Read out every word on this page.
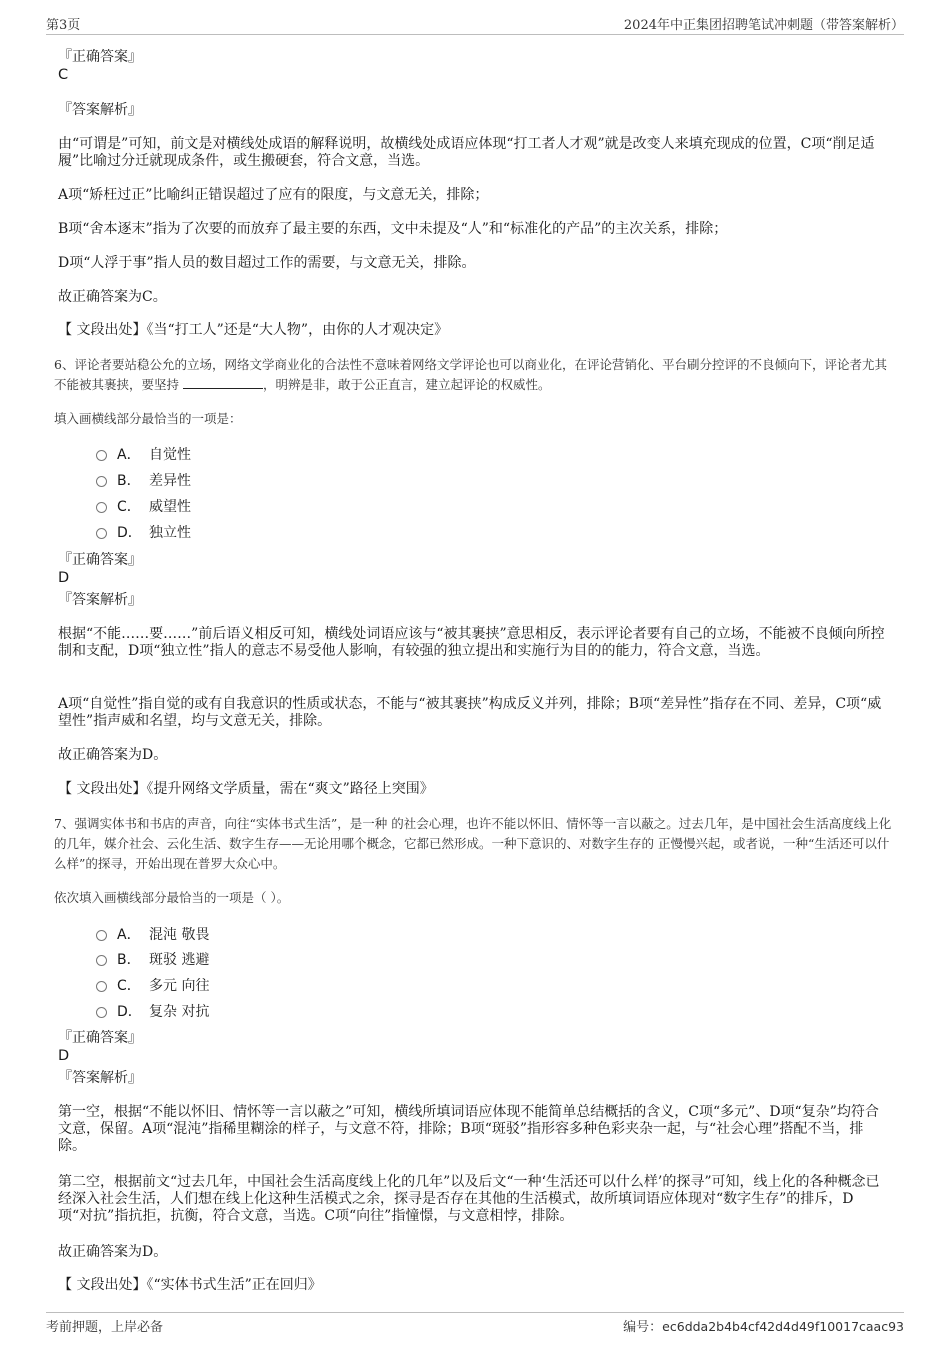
第3页	2024年中正集团招聘笔试冲刺题（带答案解析）

『正确答案』

C

『答案解析』

由“可谓是”可知，前文是对横线处成语的解释说明，故横线处成语应体现“打工者人才观”就是改变人来填充现成的位置，C项“削足适履”比喻过分迁就现成条件，或生搬硬套，符合文意，当选。

A项“矫枉过正”比喻纠正错误超过了应有的限度，与文意无关，排除；

B项“舍本逐末”指为了次要的而放弃了最主要的东西，文中未提及“人”和“标准化的产品”的主次关系，排除；

D项“人浮于事”指人员的数目超过工作的需要，与文意无关，排除。

故正确答案为C。

【 文段出处】《当“打工人”还是“大人物”，由你的人才观决定》

6、评论者要站稳公允的立场，网络文学商业化的合法性不意味着网络文学评论也可以商业化，在评论营销化、平台刷分控评的不良倾向下，评论者尤其不能被其裹挟，要坚持	，明辨是非，敢于公正直言，建立起评论的权威性。

填入画横线部分最恰当的一项是：

A． 自觉性
B． 差异性
C． 威望性
D． 独立性

『正确答案』

D

『答案解析』

根据“不能……要……”前后语义相反可知，横线处词语应该与“被其裹挟”意思相反，表示评论者要有自己的立场，不能被不良倾向所控制和支配，D项“独立性”指人的意志不易受他人影响，有较强的独立提出和实施行为目的的能力，符合文意，当选。

A项“自觉性”指自觉的或有自我意识的性质或状态，不能与“被其裹挟”构成反义并列，排除；B项“差异性”指存在不同、差异，C项“威望性”指声威和名望，均与文意无关，排除。

故正确答案为D。

【 文段出处】《提升网络文学质量，需在“爽文”路径上突围》

7、强调实体书和书店的声音，向往“实体书式生活”，是一种 的社会心理，也许不能以怀旧、情怀等一言以蔽之。过去几年，是中国社会生活高度线上化的几年，媒介社会、云化生活、数字生存——无论用哪个概念，它都已然形成。一种下意识的、对数字生存的 正慢慢兴起，或者说，一种“生活还可以什么样”的探寻，开始出现在普罗大众心中。

依次填入画横线部分最恰当的一项是（ ）。

A． 混沌 敬畏
B． 斑驳 逃避
C． 多元 向往
D． 复杂 对抗

『正确答案』

D

『答案解析』

第一空，根据“不能以怀旧、情怀等一言以蔽之”可知，横线所填词语应体现不能简单总结概括的含义，C项“多元”、D项“复杂”均符合文意，保留。A项“混沌”指稀里糊涂的样子，与文意不符，排除；B项“斑驳”指形容多种色彩夹杂一起，与“社会心理”搭配不当，排除。

第二空，根据前文“过去几年，中国社会生活高度线上化的几年”以及后文“一种‘生活还可以什么样’的探寻”可知，线上化的各种概念已经深入社会生活，人们想在线上化这种生活模式之余，探寻是否存在其他的生活模式，故所填词语应体现对“数字生存”的排斥，D项“对抗”指抗拒，抗衡，符合文意，当选。C项“向往”指憧憬，与文意相悖，排除。

故正确答案为D。

【 文段出处】《“实体书式生活”正在回归》

考前押题，上岸必备	编号：ec6dda2b4b4cf42d4d49f10017caac93
